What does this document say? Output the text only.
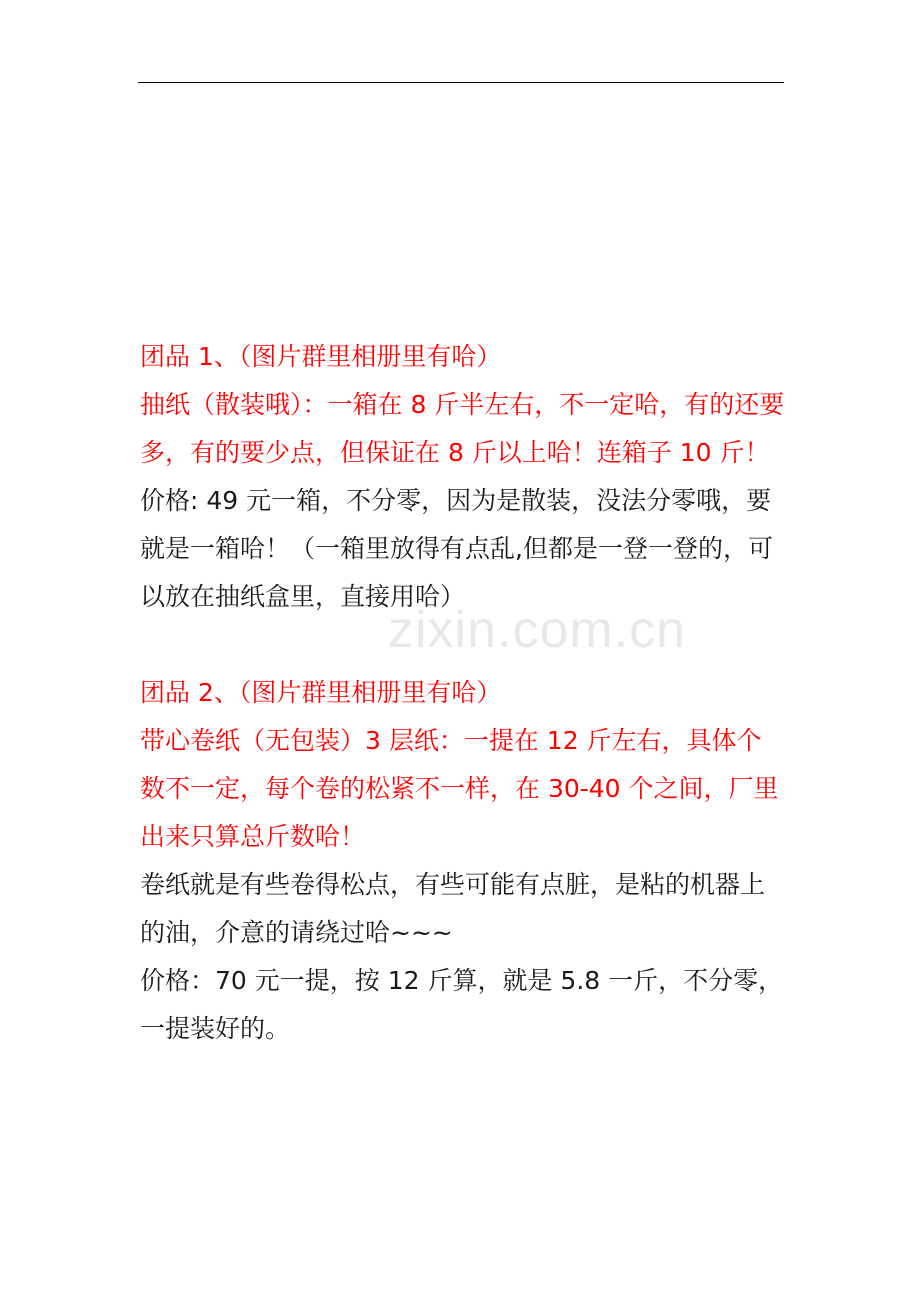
团品 1、（图片群里相册里有哈）

抽纸（散装哦）：一箱在 8 斤半左右，不一定哈，有的还要多，有的要少点，但保证在 8 斤以上哈！连箱子 10 斤！

价格: 49 元一箱，不分零，因为是散装，没法分零哦，要就是一箱哈！（一箱里放得有点乱,但都是一登一登的，可以放在抽纸盒里，直接用哈）

团品 2、（图片群里相册里有哈）

带心卷纸（无包装）3 层纸：一提在 12 斤左右，具体个数不一定，每个卷的松紧不一样，在 30-40 个之间，厂里出来只算总斤数哈！

卷纸就是有些卷得松点，有些可能有点脏，是粘的机器上的油，介意的请绕过哈~~~

价格：70 元一提，按 12 斤算，就是 5.8 一斤，不分零，一提装好的。

zixin.com.cn
